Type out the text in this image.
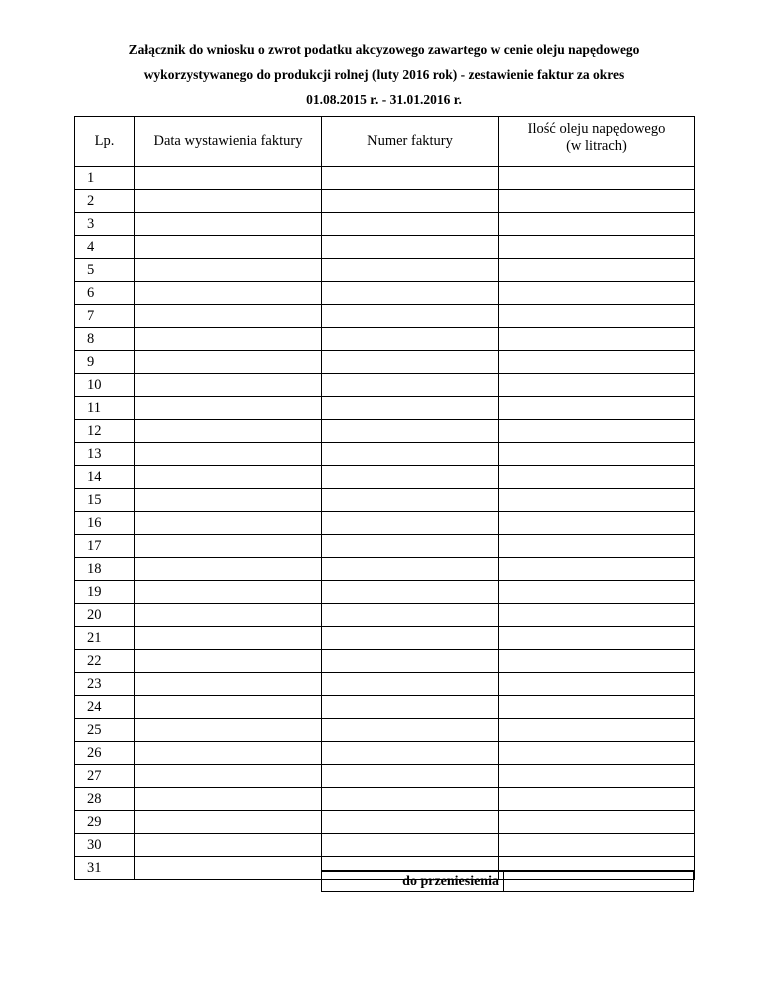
Załącznik do wniosku o zwrot podatku akcyzowego zawartego w cenie oleju napędowego
wykorzystywanego do produkcji rolnej (luty 2016 rok) - zestawienie faktur za okres
01.08.2015 r. - 31.01.2016 r.
Lp.	Data wystawienia faktury	Numer faktury	Ilość oleju napędowego
(w litrach)
1			
2			
3			
4			
5			
6			
7			
8			
9			
10			
11			
12			
13			
14			
15			
16			
17			
18			
19			
20			
21			
22			
23			
24			
25			
26			
27			
28			
29			
30			
31			
do przeniesienia
